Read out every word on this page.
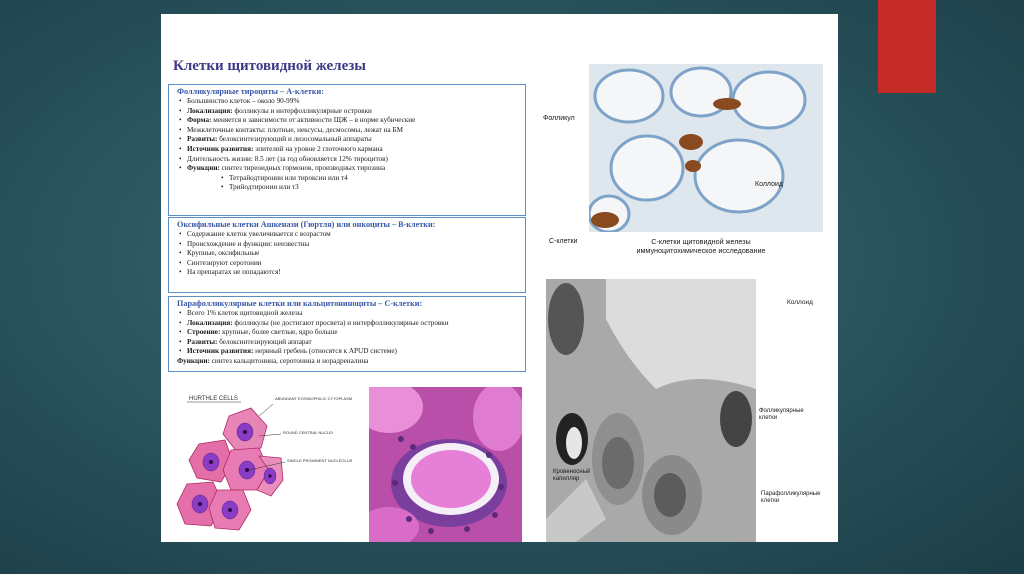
Клетки щитовидной железы
Фолликулярные тироциты – А-клетки:
• Большинство клеток – около 90-99%
• Локализация: фолликулы и интерфолликулярные островки
• Форма: меняется в зависимости от активности ЩЖ – в норме кубические
• Межклеточные контакты: плотные, нексусы, десмосомы, лежат на БМ
• Развиты: белоксинтезирующий и лизосомальный аппараты
• Источник развития: эпителий на уровне 2 глоточного кармана
• Длительность жизни: 8.5 лет (за год обновляется 12% тироцитов)
• Функции: синтез тиреоидных гормонов, производных тирозина
• Тетрайодтиронин или тироксин или т4
• Трийодтиронин или т3
Оксифильные клетки Ашкенази (Гюртля) или онкоциты – В-клетки:
• Содержание клеток увеличивается с возрастом
• Происхождение и функции: неизвестны
• Крупные, оксифильные
• Синтезируют серотонин
• На препаратах не попадаются!
Парафолликулярные клетки или кальцитонинoциты – С-клетки:
• Всего 1% клеток щитовидной железы
• Локализация: фолликулы (не достигают просвета) и интерфолликулярные островки
• Строение: крупные, более светлые, ядро больше
• Развиты: белоксинтезирующий аппарат
• Источник развития: нервный гребень (относятся к APUD системе)
Функции: синтез кальцитонина, серотонина и норадреналина
HURTHLE CELLS	ABUNDANT EOSINOPHILIC CYTOPLASM
ROUND CENTRAL NUCLEI
SINGLE PROMINENT NUCLEOLUS
Фолликул
Коллоид
С-клетки	С-клетки щитовидной железы
иммуноцитохимическое исследование
Коллоид
Фолликулярные клетки
Кровеносный капилляр
Парафолликулярные клетки
